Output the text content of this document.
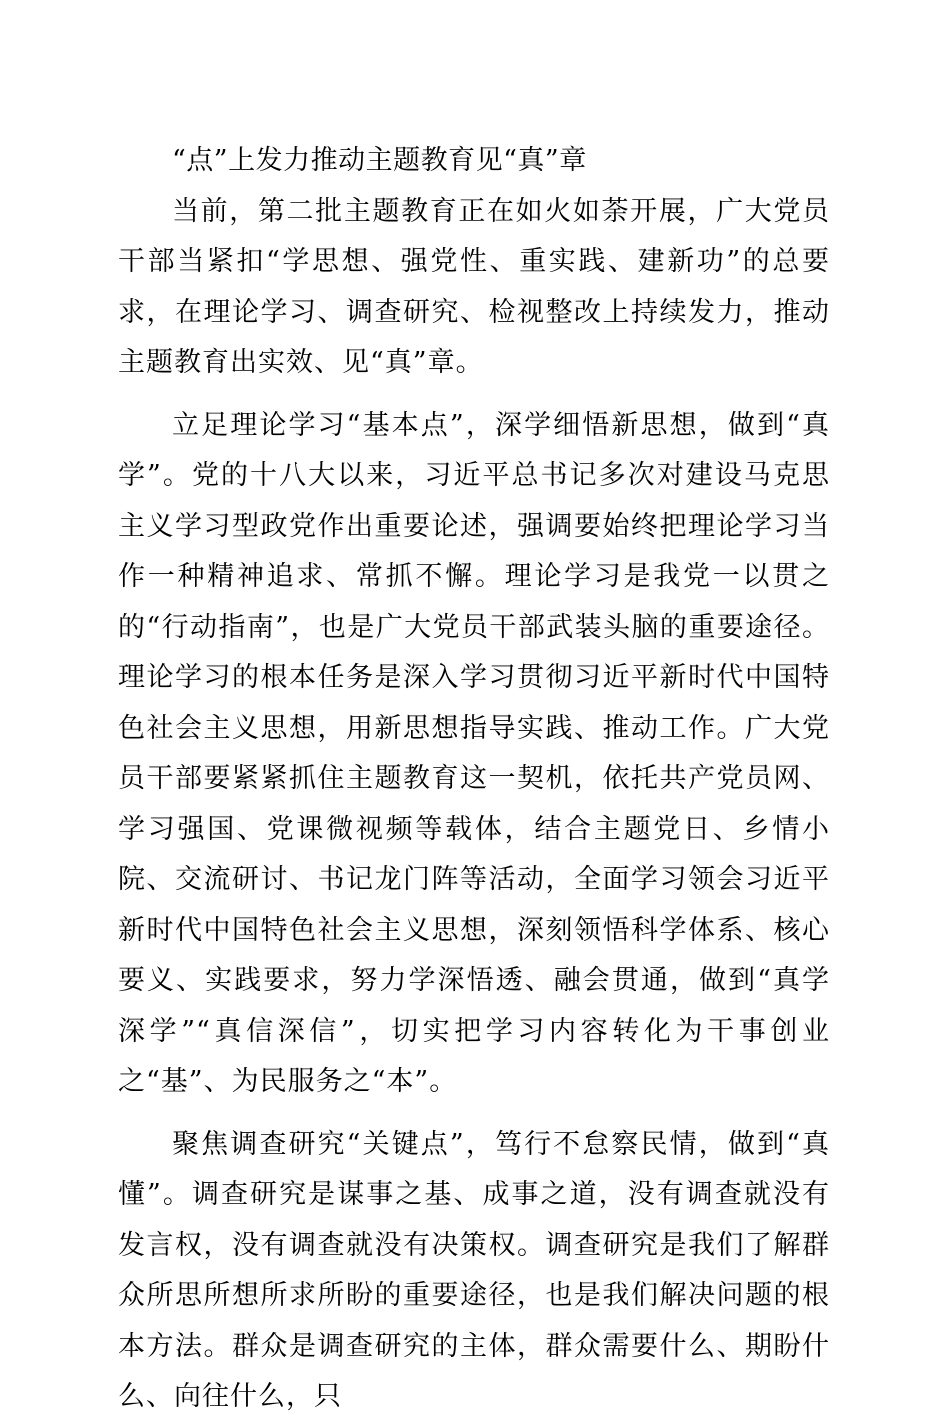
“点”上发力推动主题教育见“真”章

当前，第二批主题教育正在如火如荼开展，广大党员干部当紧扣“学思想、强党性、重实践、建新功”的总要求，在理论学习、调查研究、检视整改上持续发力，推动主题教育出实效、见“真”章。

立足理论学习“基本点”，深学细悟新思想，做到“真学”。党的十八大以来，习近平总书记多次对建设马克思主义学习型政党作出重要论述，强调要始终把理论学习当作一种精神追求、常抓不懈。理论学习是我党一以贯之的“行动指南”，也是广大党员干部武装头脑的重要途径。理论学习的根本任务是深入学习贯彻习近平新时代中国特色社会主义思想，用新思想指导实践、推动工作。广大党员干部要紧紧抓住主题教育这一契机，依托共产党员网、学习强国、党课微视频等载体，结合主题党日、乡情小院、交流研讨、书记龙门阵等活动，全面学习领会习近平新时代中国特色社会主义思想，深刻领悟科学体系、核心要义、实践要求，努力学深悟透、融会贯通，做到“真学深学”“真信深信”，切实把学习内容转化为干事创业之“基”、为民服务之“本”。

聚焦调查研究“关键点”，笃行不怠察民情，做到“真懂”。调查研究是谋事之基、成事之道，没有调查就没有发言权，没有调查就没有决策权。调查研究是我们了解群众所思所想所求所盼的重要途径，也是我们解决问题的根本方法。群众是调查研究的主体，群众需要什么、期盼什么、向往什么，只
